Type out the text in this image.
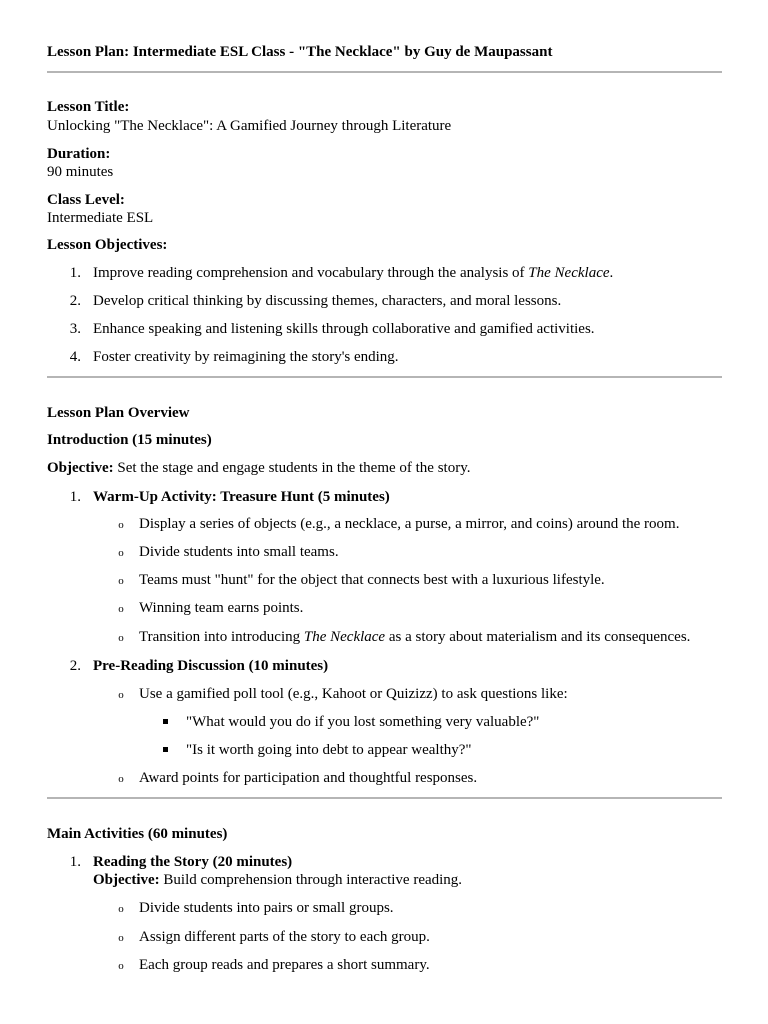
Lesson Plan: Intermediate ESL Class - "The Necklace" by Guy de Maupassant
Lesson Title:
Unlocking "The Necklace": A Gamified Journey through Literature
Duration:
90 minutes
Class Level:
Intermediate ESL
Lesson Objectives:
1. Improve reading comprehension and vocabulary through the analysis of The Necklace.
2. Develop critical thinking by discussing themes, characters, and moral lessons.
3. Enhance speaking and listening skills through collaborative and gamified activities.
4. Foster creativity by reimagining the story's ending.
Lesson Plan Overview
Introduction (15 minutes)
Objective: Set the stage and engage students in the theme of the story.
1. Warm-Up Activity: Treasure Hunt (5 minutes)
o Display a series of objects (e.g., a necklace, a purse, a mirror, and coins) around the room.
o Divide students into small teams.
o Teams must "hunt" for the object that connects best with a luxurious lifestyle.
o Winning team earns points.
o Transition into introducing The Necklace as a story about materialism and its consequences.
2. Pre-Reading Discussion (10 minutes)
o Use a gamified poll tool (e.g., Kahoot or Quizizz) to ask questions like:
"What would you do if you lost something very valuable?"
"Is it worth going into debt to appear wealthy?"
o Award points for participation and thoughtful responses.
Main Activities (60 minutes)
1. Reading the Story (20 minutes)
Objective: Build comprehension through interactive reading.
o Divide students into pairs or small groups.
o Assign different parts of the story to each group.
o Each group reads and prepares a short summary.
